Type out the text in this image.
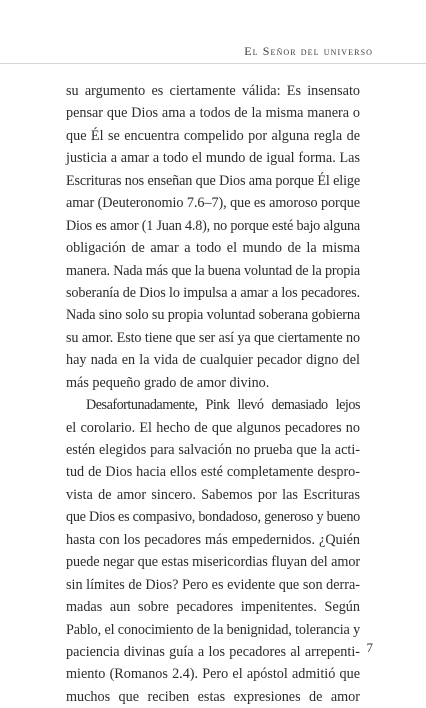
El Señor del universo
su argumento es ciertamente válida: Es insensato
pensar que Dios ama a todos de la misma manera o
que Él se encuentra compelido por alguna regla de
justicia a amar a todo el mundo de igual forma. Las
Escrituras nos enseñan que Dios ama porque Él elige
amar (Deuteronomio 7.6–7), que es amoroso porque
Dios es amor (1 Juan 4.8), no porque esté bajo alguna
obligación de amar a todo el mundo de la misma
manera. Nada más que la buena voluntad de la propia
soberanía de Dios lo impulsa a amar a los pecadores.
Nada sino solo su propia voluntad soberana gobierna
su amor. Esto tiene que ser así ya que ciertamente no
hay nada en la vida de cualquier pecador digno del
más pequeño grado de amor divino.
Desafortunadamente, Pink llevó demasiado lejos
el corolario. El hecho de que algunos pecadores no
estén elegidos para salvación no prueba que la acti-
tud de Dios hacia ellos esté completamente despro-
vista de amor sincero. Sabemos por las Escrituras
que Dios es compasivo, bondadoso, generoso y bueno
hasta con los pecadores más empedernidos. ¿Quién
puede negar que estas misericordias fluyan del amor
sin límites de Dios? Pero es evidente que son derra-
madas aun sobre pecadores impenitentes. Según
Pablo, el conocimiento de la benignidad, tolerancia y
paciencia divinas guía a los pecadores al arrepenti-
miento (Romanos 2.4). Pero el apóstol admitió que
muchos que reciben estas expresiones de amor
7
